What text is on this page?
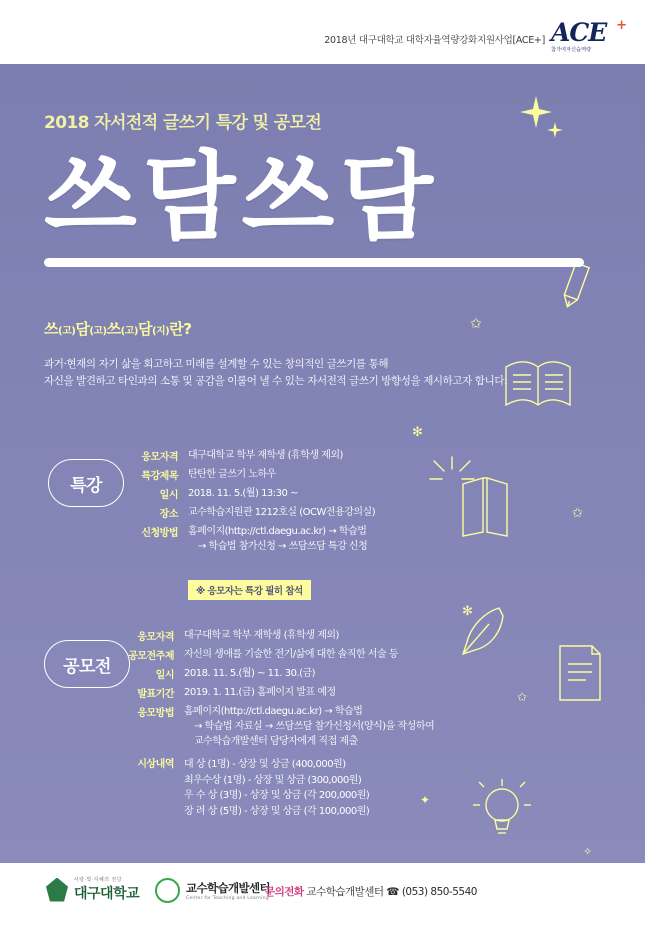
2018년 대구대학교 대학자율역량강화지원사업[ACE+] ACE +
참가여자신습역량
✩
✩
✩
✦
✧
✻
✻
2018 자서전적 글쓰기 특강 및 공모전
쓰담쓰담
쓰(고)담(고)쓰(고)담(지)란?
과거·현재의 자기 삶을 회고하고 미래를 설계할 수 있는 창의적인 글쓰기를 통해
자신을 발견하고 타인과의 소통 및 공감을 이룰어 낼 수 있는 자서전적 글쓰기 방향성을 제시하고자 합니다.
특강
응모자격	대구대학교 학부 재학생 (휴학생 제외)
특강제목	탄탄한 글쓰기 노하우
일시	2018. 11. 5.(월) 13:30 ~
장소	교수학습지원관 1212호실 (OCW전용강의실)
신청방법	홈페이지(http://ctl.daegu.ac.kr) → 학습법
→ 학습법 참가신청 → 쓰담쓰담 특강 신청
※ 응모자는 특강 필히 참석
공모전
응모자격	대구대학교 학부 재학생 (휴학생 제외)
공모전주제	자신의 생애를 기술한 전기/삶에 대한 솔직한 서술 등
일시	2018. 11. 5.(월) ~ 11. 30.(금)
발표기간	2019. 1. 11.(금) 홈페이지 발표 예정
응모방법	홈페이지(http://ctl.daegu.ac.kr) → 학습법
→ 학습법 자료실 → 쓰담쓰담 참가신청서(양식)을 작성하여
교수학습개발센터 담당자에게 직접 제출
시상내역	대 상 (1명) - 상장 및 상금 (400,000원)
최우수상 (1명) - 상장 및 상금 (300,000원)
우 수 상 (3명) - 상장 및 상금 (각 200,000원)
장 려 상 (5명) - 상장 및 상금 (각 100,000원)
사랑·빛·지혜의 전당
대구대학교	교수학습개발센터
Center for Teaching and Learning
문의전화 교수학습개발센터 ☎ (053) 850-5540
